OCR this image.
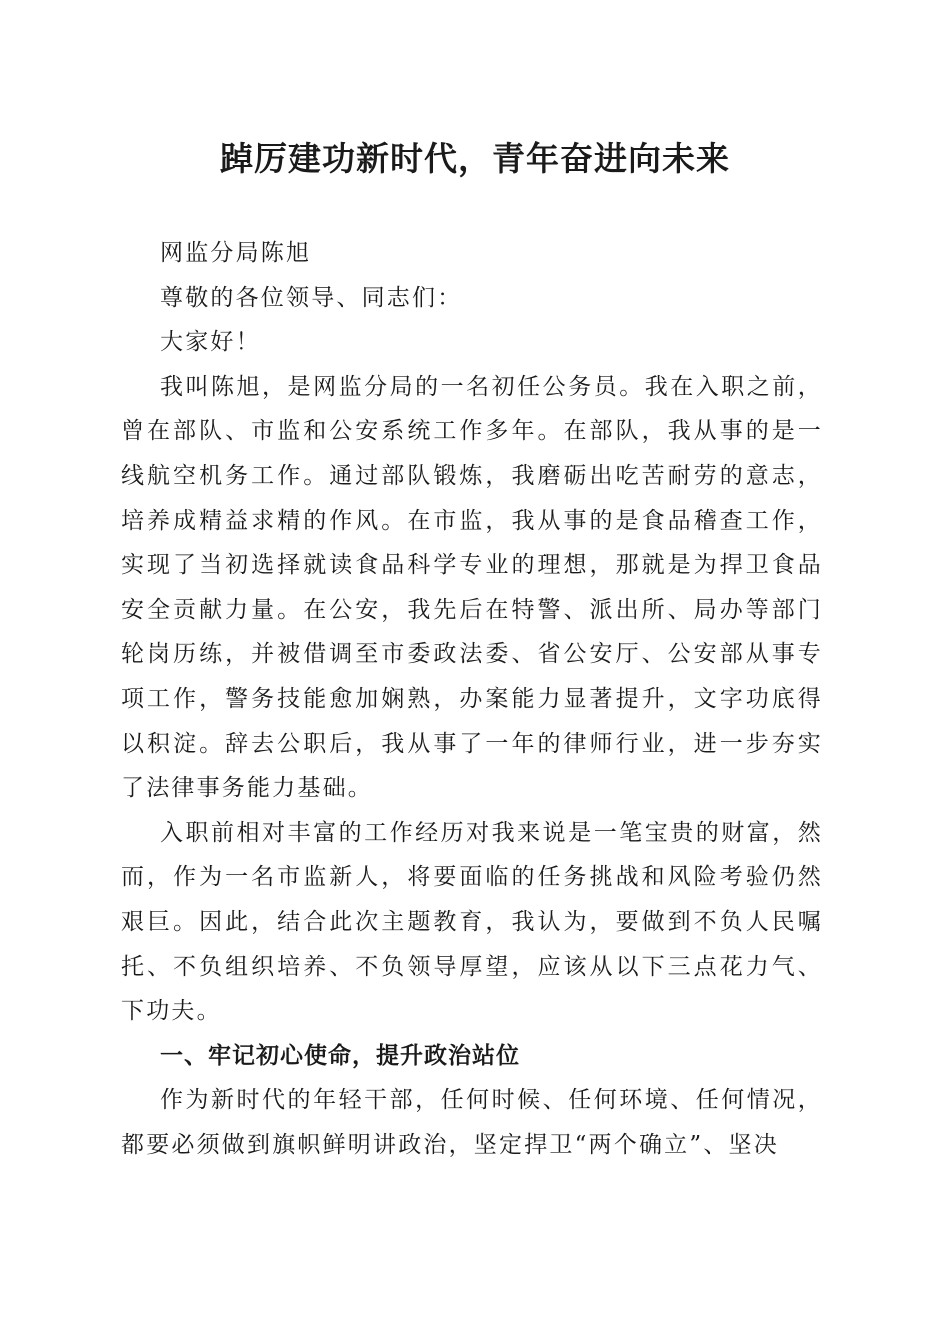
踔厉建功新时代，青年奋进向未来

网监分局陈旭

尊敬的各位领导、同志们：

大家好！

我叫陈旭，是网监分局的一名初任公务员。我在入职之前，曾在部队、市监和公安系统工作多年。在部队，我从事的是一线航空机务工作。通过部队锻炼，我磨砺出吃苦耐劳的意志，培养成精益求精的作风。在市监，我从事的是食品稽查工作，实现了当初选择就读食品科学专业的理想，那就是为捍卫食品安全贡献力量。在公安，我先后在特警、派出所、局办等部门轮岗历练，并被借调至市委政法委、省公安厅、公安部从事专项工作，警务技能愈加娴熟，办案能力显著提升，文字功底得以积淀。辞去公职后，我从事了一年的律师行业，进一步夯实了法律事务能力基础。

入职前相对丰富的工作经历对我来说是一笔宝贵的财富，然而，作为一名市监新人，将要面临的任务挑战和风险考验仍然艰巨。因此，结合此次主题教育，我认为，要做到不负人民嘱托、不负组织培养、不负领导厚望，应该从以下三点花力气、下功夫。

一、牢记初心使命，提升政治站位

作为新时代的年轻干部，任何时候、任何环境、任何情况，都要必须做到旗帜鲜明讲政治，坚定捍卫“两个确立”、坚决
